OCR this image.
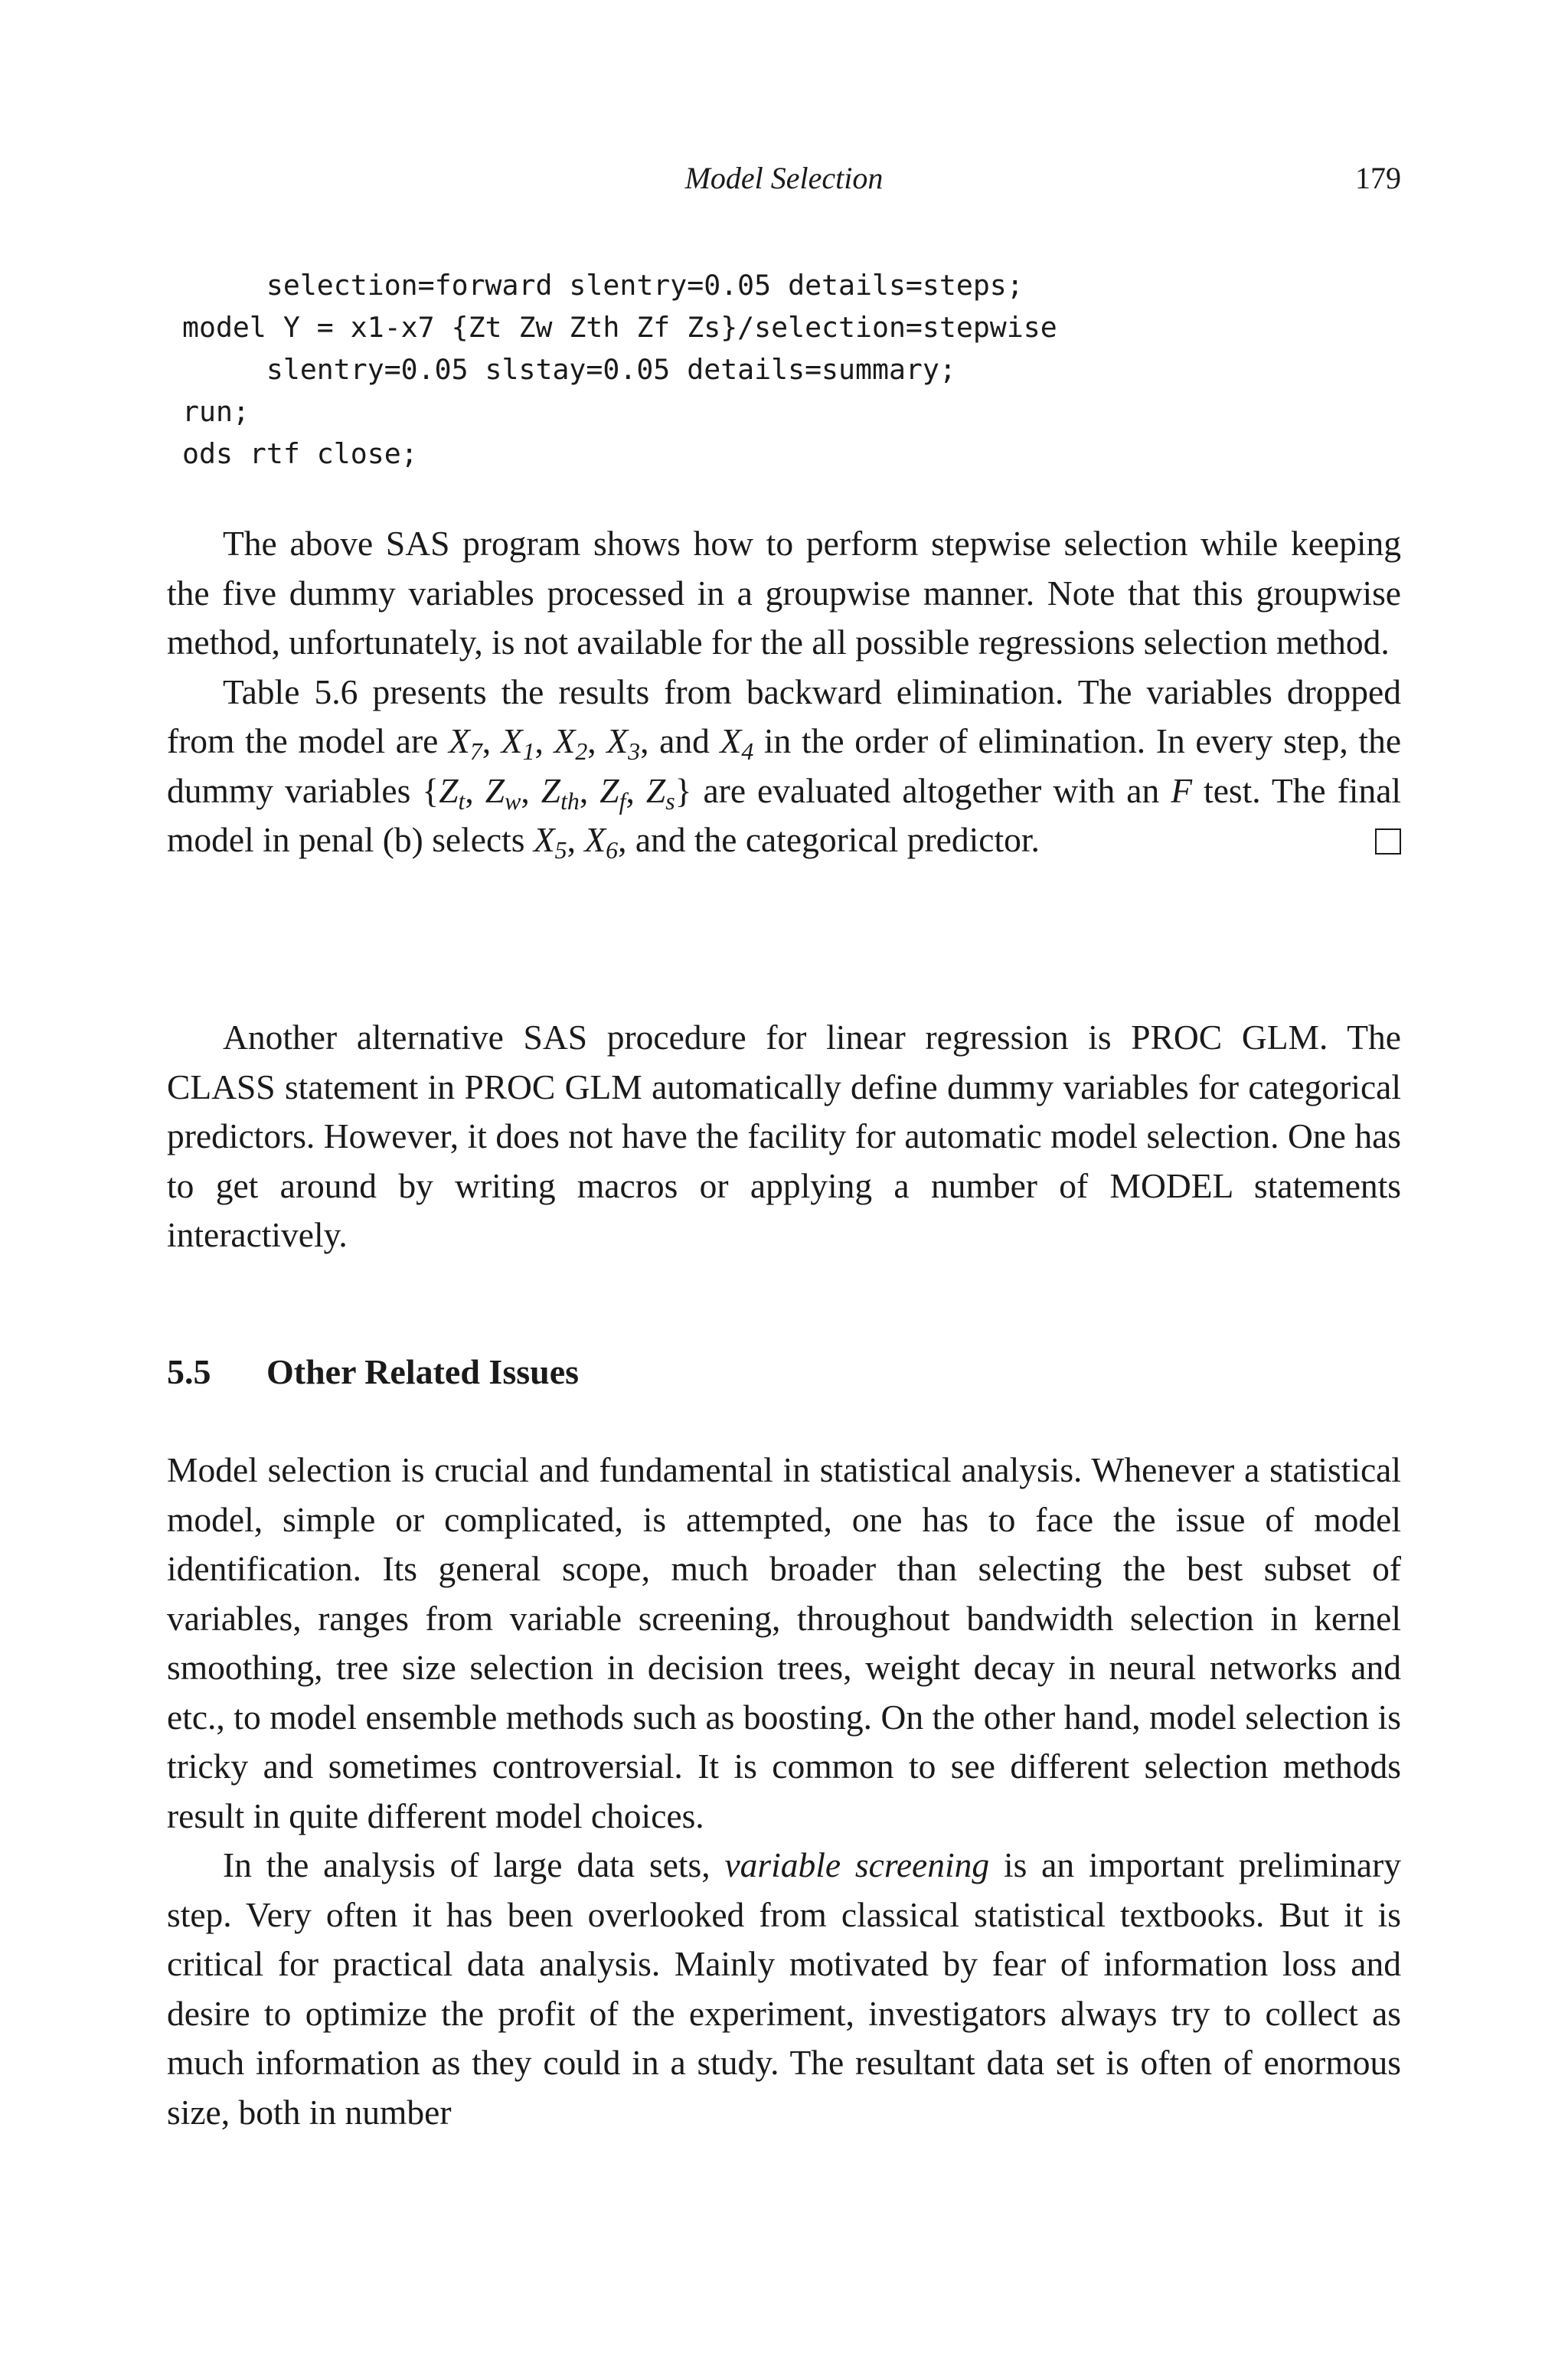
Model Selection	179
selection=forward slentry=0.05 details=steps;
model Y = x1-x7 {Zt Zw Zth Zf Zs}/selection=stepwise
slentry=0.05 slstay=0.05 details=summary;
run;
ods rtf close;

The above SAS program shows how to perform stepwise selection while keeping the five dummy variables processed in a groupwise manner. Note that this groupwise method, unfortunately, is not available for the all possible regressions selection method.

Table 5.6 presents the results from backward elimination. The variables dropped from the model are $X_7$, $X_1$, $X_2$, $X_3$, and $X_4$ in the order of elimination. In every step, the dummy variables {$Z_t$, $Z_w$, $Z_{th}$, $Z_f$, $Z_s$} are evaluated altogether with an F test. The final model in penal (b) selects $X_5$, $X_6$, and the categorical predictor.

Another alternative SAS procedure for linear regression is PROC GLM. The CLASS statement in PROC GLM automatically define dummy variables for categorical predictors. However, it does not have the facility for automatic model selection. One has to get around by writing macros or applying a number of MODEL statements interactively.

5.5 Other Related Issues

Model selection is crucial and fundamental in statistical analysis. Whenever a statistical model, simple or complicated, is attempted, one has to face the issue of model identification. Its general scope, much broader than selecting the best subset of variables, ranges from variable screening, throughout bandwidth selection in kernel smoothing, tree size selection in decision trees, weight decay in neural networks and etc., to model ensemble methods such as boosting. On the other hand, model selection is tricky and sometimes controversial. It is common to see different selection methods result in quite different model choices.

In the analysis of large data sets, variable screening is an important preliminary step. Very often it has been overlooked from classical statistical textbooks. But it is critical for practical data analysis. Mainly motivated by fear of information loss and desire to optimize the profit of the experiment, investigators always try to collect as much information as they could in a study. The resultant data set is often of enormous size, both in number
